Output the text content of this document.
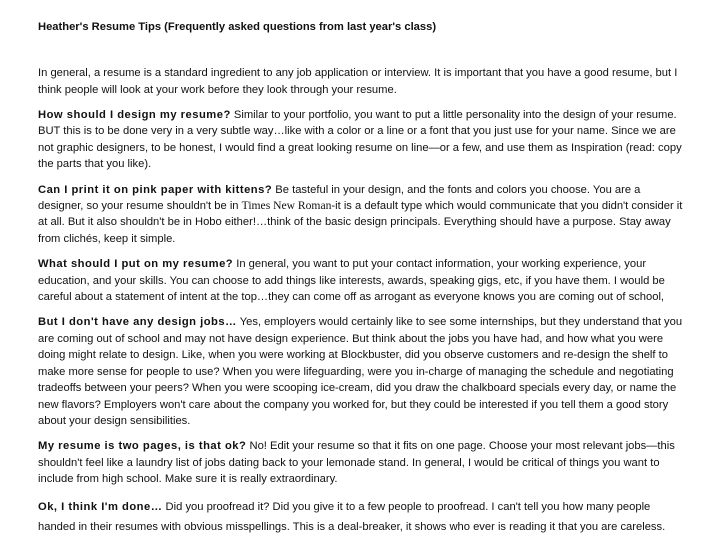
Heather's Resume Tips (Frequently asked questions from last year's class)

In general, a resume is a standard ingredient to any job application or interview. It is important that you have a good resume, but I think people will look at your work before they look through your resume.

How should I design my resume? Similar to your portfolio, you want to put a little personality into the design of your resume. BUT this is to be done very in a very subtle way…like with a color or a line or a font that you just use for your name. Since we are not graphic designers, to be honest, I would find a great looking resume on line—or a few, and use them as Inspiration (read: copy the parts that you like).

Can I print it on pink paper with kittens? Be tasteful in your design, and the fonts and colors you choose. You are a designer, so your resume shouldn't be in Times New Roman-it is a default type which would communicate that you didn't consider it at all. But it also shouldn't be in Hobo either!…think of the basic design principals. Everything should have a purpose. Stay away from clichés, keep it simple.

What should I put on my resume? In general, you want to put your contact information, your working experience, your education, and your skills. You can choose to add things like interests, awards, speaking gigs, etc, if you have them. I would be careful about a statement of intent at the top…they can come off as arrogant as everyone knows you are coming out of school,

But I don't have any design jobs… Yes, employers would certainly like to see some internships, but they understand that you are coming out of school and may not have design experience. But think about the jobs you have had, and how what you were doing might relate to design. Like, when you were working at Blockbuster, did you observe customers and re-design the shelf to make more sense for people to use? When you were lifeguarding, were you in-charge of managing the schedule and negotiating tradeoffs between your peers? When you were scooping ice-cream, did you draw the chalkboard specials every day, or name the new flavors? Employers won't care about the company you worked for, but they could be interested if you tell them a good story about your design sensibilities.

My resume is two pages, is that ok? No! Edit your resume so that it fits on one page. Choose your most relevant jobs—this shouldn't feel like a laundry list of jobs dating back to your lemonade stand. In general, I would be critical of things you want to include from high school. Make sure it is really extraordinary.

Ok, I think I'm done… Did you proofread it? Did you give it to a few people to proofread. I can't tell you how many people handed in their resumes with obvious misspellings. This is a deal-breaker, it shows who ever is reading it that you are careless.
